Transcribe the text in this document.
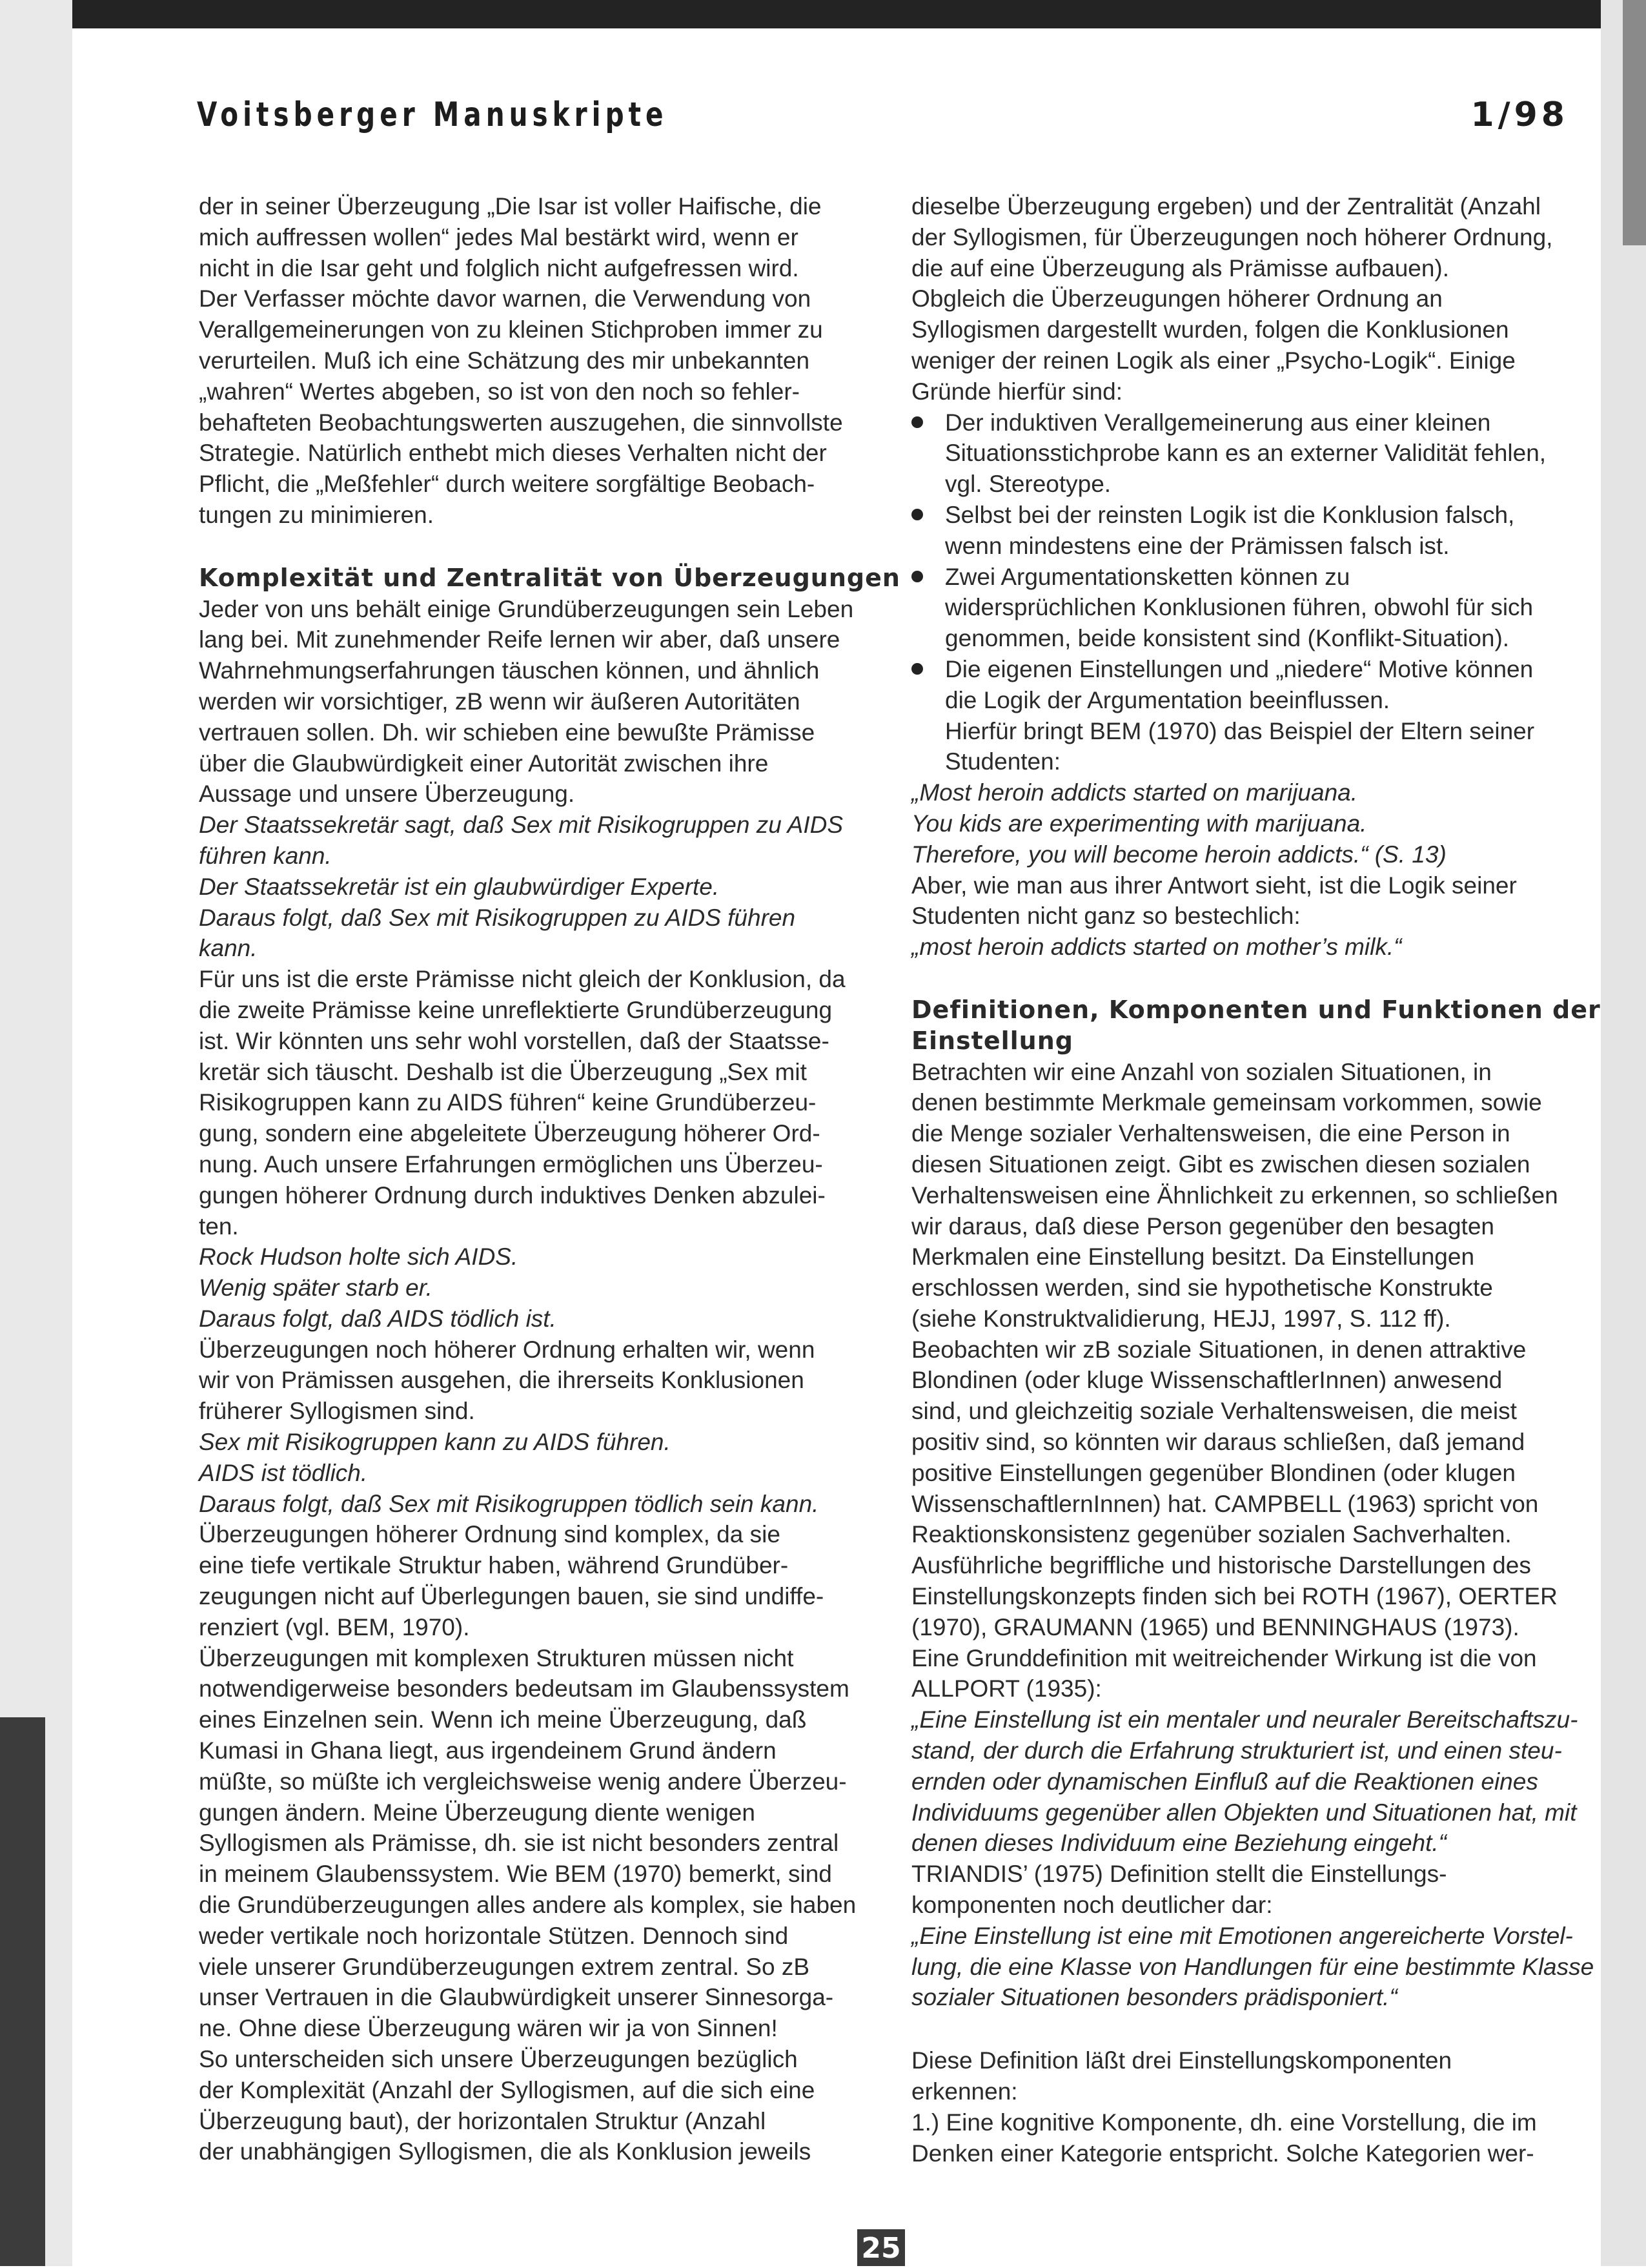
Voitsberger Manuskripte	1/98

der in seiner Überzeugung „Die Isar ist voller Haifische, die

mich auffressen wollen“ jedes Mal bestärkt wird, wenn er

nicht in die Isar geht und folglich nicht aufgefressen wird.

Der Verfasser möchte davor warnen, die Verwendung von

Verallgemeinerungen von zu kleinen Stichproben immer zu

verurteilen. Muß ich eine Schätzung des mir unbekannten

„wahren“ Wertes abgeben, so ist von den noch so fehler-

behafteten Beobachtungswerten auszugehen, die sinnvollste

Strategie. Natürlich enthebt mich dieses Verhalten nicht der

Pflicht, die „Meßfehler“ durch weitere sorgfältige Beobach-

tungen zu minimieren.

Komplexität und Zentralität von Überzeugungen

Jeder von uns behält einige Grundüberzeugungen sein Leben

lang bei. Mit zunehmender Reife lernen wir aber, daß unsere

Wahrnehmungserfahrungen täuschen können, und ähnlich

werden wir vorsichtiger, zB wenn wir äußeren Autoritäten

vertrauen sollen. Dh. wir schieben eine bewußte Prämisse

über die Glaubwürdigkeit einer Autorität zwischen ihre

Aussage und unsere Überzeugung.

Der Staatssekretär sagt, daß Sex mit Risikogruppen zu AIDS

führen kann.

Der Staatssekretär ist ein glaubwürdiger Experte.

Daraus folgt, daß Sex mit Risikogruppen zu AIDS führen

kann.

Für uns ist die erste Prämisse nicht gleich der Konklusion, da

die zweite Prämisse keine unreflektierte Grundüberzeugung

ist. Wir könnten uns sehr wohl vorstellen, daß der Staatsse-

kretär sich täuscht. Deshalb ist die Überzeugung „Sex mit

Risikogruppen kann zu AIDS führen“ keine Grundüberzeu-

gung, sondern eine abgeleitete Überzeugung höherer Ord-

nung. Auch unsere Erfahrungen ermöglichen uns Überzeu-

gungen höherer Ordnung durch induktives Denken abzulei-

ten.

Rock Hudson holte sich AIDS.

Wenig später starb er.

Daraus folgt, daß AIDS tödlich ist.

Überzeugungen noch höherer Ordnung erhalten wir, wenn

wir von Prämissen ausgehen, die ihrerseits Konklusionen

früherer Syllogismen sind.

Sex mit Risikogruppen kann zu AIDS führen.

AIDS ist tödlich.

Daraus folgt, daß Sex mit Risikogruppen tödlich sein kann.

Überzeugungen höherer Ordnung sind komplex, da sie

eine tiefe vertikale Struktur haben, während Grundüber-

zeugungen nicht auf Überlegungen bauen, sie sind undiffe-

renziert (vgl. BEM, 1970).

Überzeugungen mit komplexen Strukturen müssen nicht

notwendigerweise besonders bedeutsam im Glaubenssystem

eines Einzelnen sein. Wenn ich meine Überzeugung, daß

Kumasi in Ghana liegt, aus irgendeinem Grund ändern

müßte, so müßte ich vergleichsweise wenig andere Überzeu-

gungen ändern. Meine Überzeugung diente wenigen

Syllogismen als Prämisse, dh. sie ist nicht besonders zentral

in meinem Glaubenssystem. Wie BEM (1970) bemerkt, sind

die Grundüberzeugungen alles andere als komplex, sie haben

weder vertikale noch horizontale Stützen. Dennoch sind

viele unserer Grundüberzeugungen extrem zentral. So zB

unser Vertrauen in die Glaubwürdigkeit unserer Sinnesorga-

ne. Ohne diese Überzeugung wären wir ja von Sinnen!

So unterscheiden sich unsere Überzeugungen bezüglich

der Komplexität (Anzahl der Syllogismen, auf die sich eine

Überzeugung baut), der horizontalen Struktur (Anzahl

der unabhängigen Syllogismen, die als Konklusion jeweils

dieselbe Überzeugung ergeben) und der Zentralität (Anzahl

der Syllogismen, für Überzeugungen noch höherer Ordnung,

die auf eine Überzeugung als Prämisse aufbauen).

Obgleich die Überzeugungen höherer Ordnung an

Syllogismen dargestellt wurden, folgen die Konklusionen

weniger der reinen Logik als einer „Psycho-Logik“. Einige

Gründe hierfür sind:

Der induktiven Verallgemeinerung aus einer kleinen

Situationsstichprobe kann es an externer Validität fehlen,

vgl. Stereotype.

Selbst bei der reinsten Logik ist die Konklusion falsch,

wenn mindestens eine der Prämissen falsch ist.

Zwei Argumentationsketten können zu

widersprüchlichen Konklusionen führen, obwohl für sich

genommen, beide konsistent sind (Konflikt-Situation).

Die eigenen Einstellungen und „niedere“ Motive können

die Logik der Argumentation beeinflussen.

Hierfür bringt BEM (1970) das Beispiel der Eltern seiner

Studenten:

„Most heroin addicts started on marijuana.

You kids are experimenting with marijuana.

Therefore, you will become heroin addicts.“ (S. 13)

Aber, wie man aus ihrer Antwort sieht, ist die Logik seiner

Studenten nicht ganz so bestechlich:

„most heroin addicts started on mother’s milk.“

Definitionen, Komponenten und Funktionen der
Einstellung

Betrachten wir eine Anzahl von sozialen Situationen, in

denen bestimmte Merkmale gemeinsam vorkommen, sowie

die Menge sozialer Verhaltensweisen, die eine Person in

diesen Situationen zeigt. Gibt es zwischen diesen sozialen

Verhaltensweisen eine Ähnlichkeit zu erkennen, so schließen

wir daraus, daß diese Person gegenüber den besagten

Merkmalen eine Einstellung besitzt. Da Einstellungen

erschlossen werden, sind sie hypothetische Konstrukte

(siehe Konstruktvalidierung, HEJJ, 1997, S. 112 ff).

Beobachten wir zB soziale Situationen, in denen attraktive

Blondinen (oder kluge WissenschaftlerInnen) anwesend

sind, und gleichzeitig soziale Verhaltensweisen, die meist

positiv sind, so könnten wir daraus schließen, daß jemand

positive Einstellungen gegenüber Blondinen (oder klugen

WissenschaftlernInnen) hat. CAMPBELL (1963) spricht von

Reaktionskonsistenz gegenüber sozialen Sachverhalten.

Ausführliche begriffliche und historische Darstellungen des

Einstellungskonzepts finden sich bei ROTH (1967), OERTER

(1970), GRAUMANN (1965) und BENNINGHAUS (1973).

Eine Grunddefinition mit weitreichender Wirkung ist die von

ALLPORT (1935):

„Eine Einstellung ist ein mentaler und neuraler Bereitschaftszu-

stand, der durch die Erfahrung strukturiert ist, und einen steu-

ernden oder dynamischen Einfluß auf die Reaktionen eines

Individuums gegenüber allen Objekten und Situationen hat, mit

denen dieses Individuum eine Beziehung eingeht.“

TRIANDIS’ (1975) Definition stellt die Einstellungs-

komponenten noch deutlicher dar:

„Eine Einstellung ist eine mit Emotionen angereicherte Vorstel-

lung, die eine Klasse von Handlungen für eine bestimmte Klasse

sozialer Situationen besonders prädisponiert.“

Diese Definition läßt drei Einstellungskomponenten

erkennen:

1.) Eine kognitive Komponente, dh. eine Vorstellung, die im

Denken einer Kategorie entspricht. Solche Kategorien wer-

25
